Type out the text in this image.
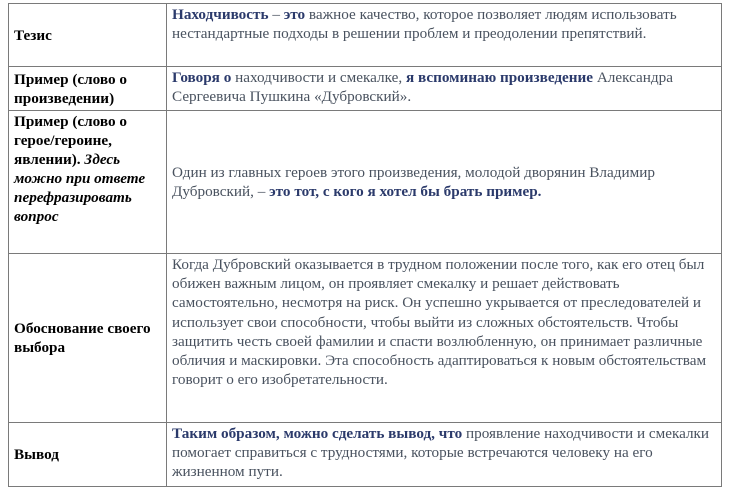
Тезис	Находчивость – это важное качество, которое позволяет людям использовать нестандартные подходы в решении проблем и преодолении препятствий.
Пример (слово о произведении)	Говоря о находчивости и смекалке, я вспоминаю произведение Александра Сергеевича Пушкина «Дубровский».
Пример (слово о герое/героине, явлении). Здесь можно при ответе перефразировать вопрос	Один из главных героев этого произведения, молодой дворянин Владимир Дубровский, – это тот, с кого я хотел бы брать пример.
Обоснование своего выбора	Когда Дубровский оказывается в трудном положении после того, как его отец был обижен важным лицом, он проявляет смекалку и решает действовать самостоятельно, несмотря на риск. Он успешно укрывается от преследователей и использует свои способности, чтобы выйти из сложных обстоятельств. Чтобы защитить честь своей фамилии и спасти возлюбленную, он принимает различные обличия и маскировки. Эта способность адаптироваться к новым обстоятельствам говорит о его изобретательности.
Вывод	Таким образом, можно сделать вывод, что проявление находчивости и смекалки помогает справиться с трудностями, которые встречаются человеку на его жизненном пути.
